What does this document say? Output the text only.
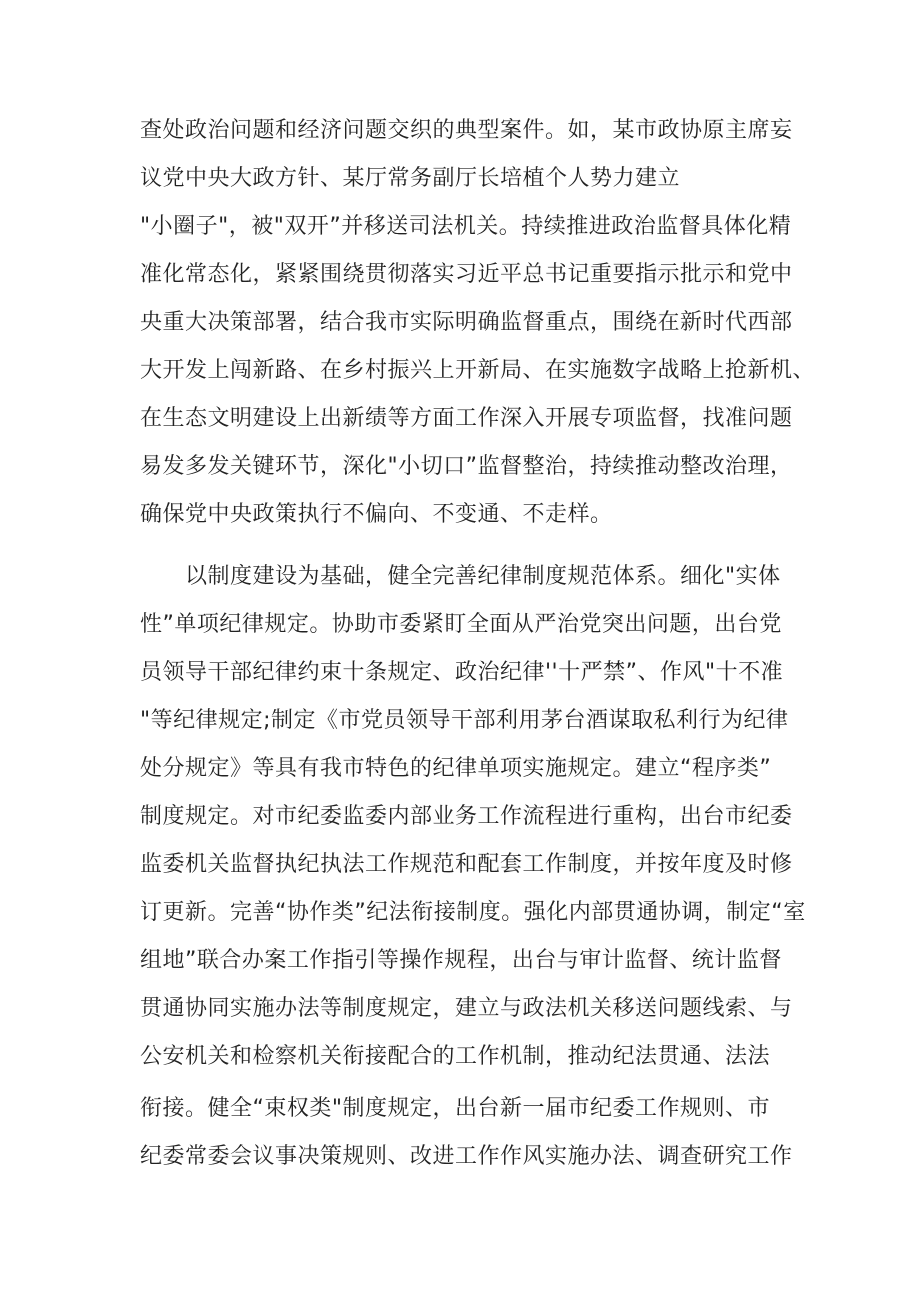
查处政治问题和经济问题交织的典型案件。如，某市政协原主席妄
议党中央大政方针、某厅常务副厅长培植个人势力建立
"小圈子"，被"双开”并移送司法机关。持续推进政治监督具体化精
准化常态化，紧紧围绕贯彻落实习近平总书记重要指示批示和党中
央重大决策部署，结合我市实际明确监督重点，围绕在新时代西部
大开发上闯新路、在乡村振兴上开新局、在实施数字战略上抢新机、
在生态文明建设上出新绩等方面工作深入开展专项监督，找准问题
易发多发关键环节，深化"小切口”监督整治，持续推动整改治理，
确保党中央政策执行不偏向、不变通、不走样。
以制度建设为基础，健全完善纪律制度规范体系。细化"实体
性”单项纪律规定。协助市委紧盯全面从严治党突出问题，出台党
员领导干部纪律约束十条规定、政治纪律''十严禁”、作风"十不准
"等纪律规定;制定《市党员领导干部利用茅台酒谋取私利行为纪律
处分规定》等具有我市特色的纪律单项实施规定。建立“程序类”
制度规定。对市纪委监委内部业务工作流程进行重构，出台市纪委
监委机关监督执纪执法工作规范和配套工作制度，并按年度及时修
订更新。完善“协作类”纪法衔接制度。强化内部贯通协调，制定“室
组地”联合办案工作指引等操作规程，出台与审计监督、统计监督
贯通协同实施办法等制度规定，建立与政法机关移送问题线索、与
公安机关和检察机关衔接配合的工作机制，推动纪法贯通、法法
衔接。健全“束权类"制度规定，出台新一届市纪委工作规则、市
纪委常委会议事决策规则、改进工作作风实施办法、调查研究工作
